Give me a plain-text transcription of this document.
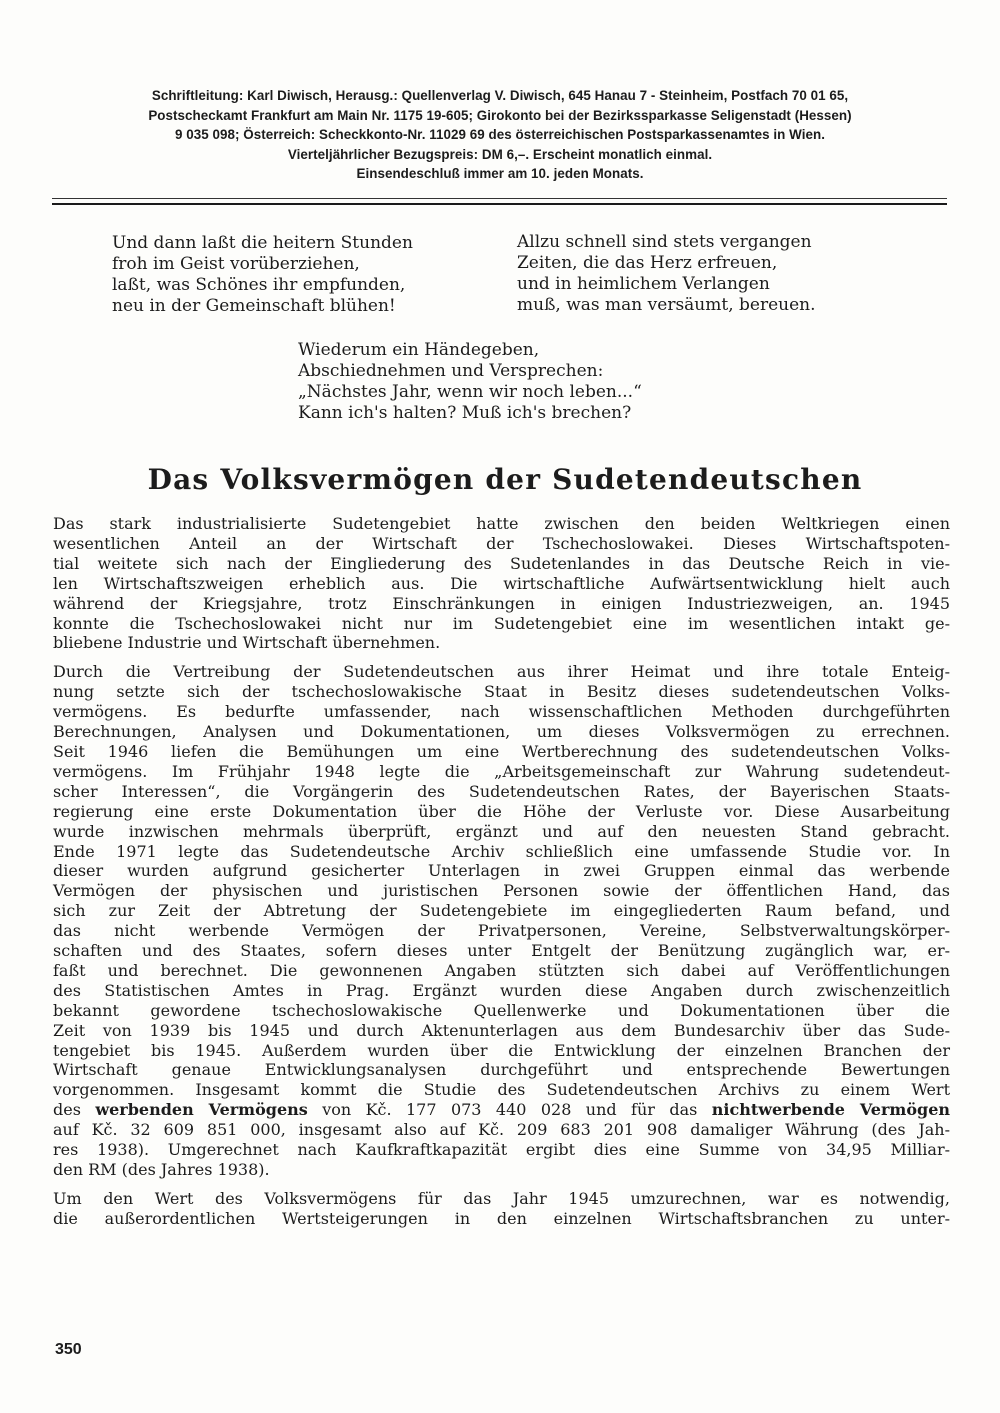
Schriftleitung: Karl Diwisch, Herausg.: Quellenverlag V. Diwisch, 645 Hanau 7 - Steinheim, Postfach 70 01 65,
Postscheckamt Frankfurt am Main Nr. 1175 19-605; Girokonto bei der Bezirkssparkasse Seligenstadt (Hessen)
9 035 098; Österreich: Scheckkonto-Nr. 11029 69 des österreichischen Postsparkassenamtes in Wien.
Vierteljährlicher Bezugspreis: DM 6,–. Erscheint monatlich einmal.
Einsendeschluß immer am 10. jeden Monats.
Und dann laßt die heitern Stunden
froh im Geist vorüberziehen,
laßt, was Schönes ihr empfunden,
neu in der Gemeinschaft blühen!
Allzu schnell sind stets vergangen
Zeiten, die das Herz erfreuen,
und in heimlichem Verlangen
muß, was man versäumt, bereuen.
Wiederum ein Händegeben,
Abschiednehmen und Versprechen:
„Nächstes Jahr, wenn wir noch leben...“
Kann ich's halten? Muß ich's brechen?
Das Volksvermögen der Sudetendeutschen
Das stark industrialisierte Sudetengebiet hatte zwischen den beiden Weltkriegen einen
wesentlichen Anteil an der Wirtschaft der Tschechoslowakei. Dieses Wirtschaftspoten-
tial weitete sich nach der Eingliederung des Sudetenlandes in das Deutsche Reich in vie-
len Wirtschaftszweigen erheblich aus. Die wirtschaftliche Aufwärtsentwicklung hielt auch
während der Kriegsjahre, trotz Einschränkungen in einigen Industriezweigen, an. 1945
konnte die Tschechoslowakei nicht nur im Sudetengebiet eine im wesentlichen intakt ge-
bliebene Industrie und Wirtschaft übernehmen.
Durch die Vertreibung der Sudetendeutschen aus ihrer Heimat und ihre totale Enteig-
nung setzte sich der tschechoslowakische Staat in Besitz dieses sudetendeutschen Volks-
vermögens. Es bedurfte umfassender, nach wissenschaftlichen Methoden durchgeführten
Berechnungen, Analysen und Dokumentationen, um dieses Volksvermögen zu errechnen.
Seit 1946 liefen die Bemühungen um eine Wertberechnung des sudetendeutschen Volks-
vermögens. Im Frühjahr 1948 legte die „Arbeitsgemeinschaft zur Wahrung sudetendeut-
scher Interessen“, die Vorgängerin des Sudetendeutschen Rates, der Bayerischen Staats-
regierung eine erste Dokumentation über die Höhe der Verluste vor. Diese Ausarbeitung
wurde inzwischen mehrmals überprüft, ergänzt und auf den neuesten Stand gebracht.
Ende 1971 legte das Sudetendeutsche Archiv schließlich eine umfassende Studie vor. In
dieser wurden aufgrund gesicherter Unterlagen in zwei Gruppen einmal das werbende
Vermögen der physischen und juristischen Personen sowie der öffentlichen Hand, das
sich zur Zeit der Abtretung der Sudetengebiete im eingegliederten Raum befand, und
das nicht werbende Vermögen der Privatpersonen, Vereine, Selbstverwaltungskörper-
schaften und des Staates, sofern dieses unter Entgelt der Benützung zugänglich war, er-
faßt und berechnet. Die gewonnenen Angaben stützten sich dabei auf Veröffentlichungen
des Statistischen Amtes in Prag. Ergänzt wurden diese Angaben durch zwischenzeitlich
bekannt gewordene tschechoslowakische Quellenwerke und Dokumentationen über die
Zeit von 1939 bis 1945 und durch Aktenunterlagen aus dem Bundesarchiv über das Sude-
tengebiet bis 1945. Außerdem wurden über die Entwicklung der einzelnen Branchen der
Wirtschaft genaue Entwicklungsanalysen durchgeführt und entsprechende Bewertungen
vorgenommen. Insgesamt kommt die Studie des Sudetendeutschen Archivs zu einem Wert
des werbenden Vermögens von Kč. 177 073 440 028 und für das nichtwerbende Vermögen
auf Kč. 32 609 851 000, insgesamt also auf Kč. 209 683 201 908 damaliger Währung (des Jah-
res 1938). Umgerechnet nach Kaufkraftkapazität ergibt dies eine Summe von 34,95 Milliar-
den RM (des Jahres 1938).
Um den Wert des Volksvermögens für das Jahr 1945 umzurechnen, war es notwendig,
die außerordentlichen Wertsteigerungen in den einzelnen Wirtschaftsbranchen zu unter-
350
